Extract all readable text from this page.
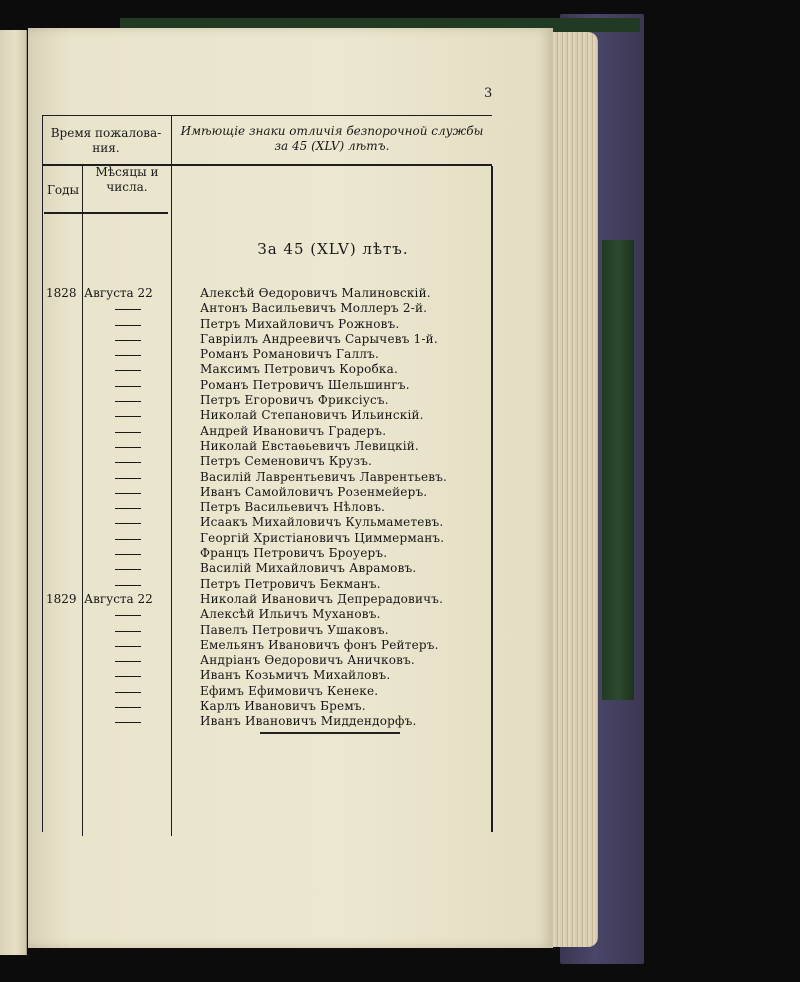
3
Время пожалова-ния.
Имѣющіе знаки отличія безпорочной службы за 45 (XLV) лѣтъ.
Годы
Мѣсяцы и числа.
За 45 (XLV) лѣтъ.
1828 Августа 22	Алексѣй Өедоровичъ Малиновскій.
Антонъ Васильевичъ Моллеръ 2-й.
Петръ Михайловичъ Рожновъ.
Гавріилъ Андреевичъ Сарычевъ 1-й.
Романъ Романовичъ Галлъ.
Максимъ Петровичъ Коробка.
Романъ Петровичъ Шельшингъ.
Петръ Егоровичъ Фриксіусъ.
Николай Степановичъ Ильинскій.
Андрей Ивановичъ Градеръ.
Николай Евстаѳьевичъ Левицкій.
Петръ Семеновичъ Крузъ.
Василій Лаврентьевичъ Лаврентьевъ.
Иванъ Самойловичъ Розенмейеръ.
Петръ Васильевичъ Нѣловъ.
Исаакъ Михайловичъ Кульмаметевъ.
Георгій Христіановичъ Циммерманъ.
Францъ Петровичъ Броуеръ.
Василій Михайловичъ Аврамовъ.
Петръ Петровичъ Бекманъ.
1829 Августа 22	Николай Ивановичъ Депрерадовичъ.
Алексѣй Ильичъ Мухановъ.
Павелъ Петровичъ Ушаковъ.
Емельянъ Ивановичъ фонъ Рейтеръ.
Андріанъ Өедоровичъ Аничковъ.
Иванъ Козьмичъ Михайловъ.
Ефимъ Ефимовичъ Кенеке.
Карлъ Ивановичъ Бремъ.
Иванъ Ивановичъ Миддендорфъ.
